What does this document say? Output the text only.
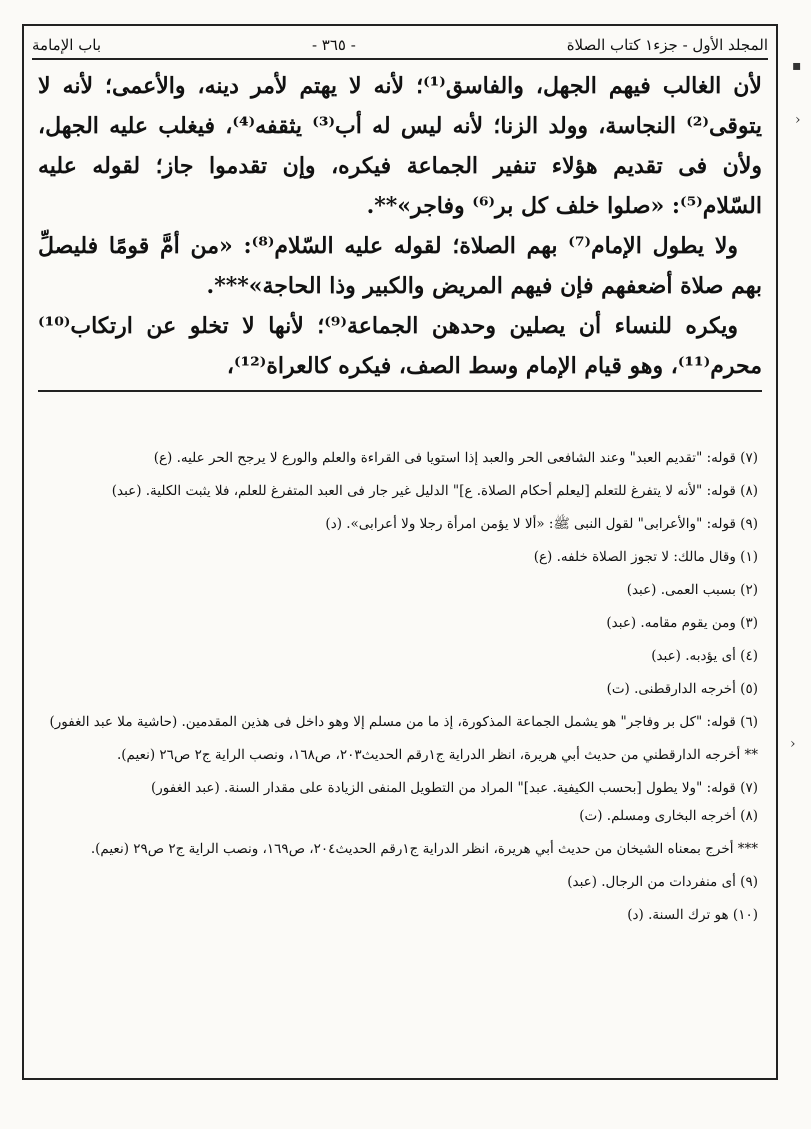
المجلد الأول - جزء١ كتاب الصلاة
- ٣٦٥ -
باب الإمامة

لأن الغالب فيهم الجهل، والفاسق⁽¹⁾؛ لأنه لا يهتم لأمر دينه، والأعمى؛ لأنه لا يتوقى⁽²⁾ النجاسة، وولد الزنا؛ لأنه ليس له أب⁽³⁾ يثقفه⁽⁴⁾، فيغلب عليه الجهل، ولأن فى تقديم هؤلاء تنفير الجماعة فيكره، وإن تقدموا جاز؛ لقوله عليه السّلام⁽⁵⁾: «صلوا خلف كل بر⁽⁶⁾ وفاجر»**.

ولا يطول الإمام⁽⁷⁾ بهم الصلاة؛ لقوله عليه السّلام⁽⁸⁾: «من أمَّ قومًا فليصلِّ بهم صلاة أضعفهم فإن فيهم المريض والكبير وذا الحاجة»***.

ويكره للنساء أن يصلين وحدهن الجماعة⁽⁹⁾؛ لأنها لا تخلو عن ارتكاب⁽¹⁰⁾ محرم⁽¹¹⁾، وهو قيام الإمام وسط الصف، فيكره كالعراة⁽¹²⁾،

(٧) قوله: "تقديم العبد" وعند الشافعى الحر والعبد إذا استويا فى القراءة والعلم والورع لا يرجح الحر عليه. (ع)

(٨) قوله: "لأنه لا يتفرغ للتعلم [ليعلم أحكام الصلاة. ع]" الدليل غير جار فى العبد المتفرغ للعلم، فلا يثبت الكلية. (عبد)

(٩) قوله: "والأعرابى" لقول النبى ﷺ: «ألا لا يؤمن امرأة رجلا ولا أعرابى». (د)

(١) وقال مالك: لا تجوز الصلاة خلفه. (ع)

(٢) بسبب العمى. (عبد)

(٣) ومن يقوم مقامه. (عبد)

(٤) أى يؤدبه. (عبد)

(٥) أخرجه الدارقطنى. (ت)

(٦) قوله: "كل بر وفاجر" هو يشمل الجماعة المذكورة، إذ ما من مسلم إلا وهو داخل فى هذين المقدمين. (حاشية ملا عبد الغفور)

** أخرجه الدارقطني من حديث أبي هريرة، انظر الدراية ج١رقم الحديث٢٠٣، ص١٦٨، ونصب الراية ج٢ ص٢٦ (نعيم).

(٧) قوله: "ولا يطول [بحسب الكيفية. عبد]" المراد من التطويل المنفى الزيادة على مقدار السنة. (عبد الغفور)

(٨) أخرجه البخارى ومسلم. (ت)

*** أخرج بمعناه الشيخان من حديث أبي هريرة، انظر الدراية ج١رقم الحديث٢٠٤، ص١٦٩، ونصب الراية ج٢ ص٢٩ (نعيم).

(٩) أى منفردات من الرجال. (عبد)

(١٠) هو ترك السنة. (د)

▪
›
›
